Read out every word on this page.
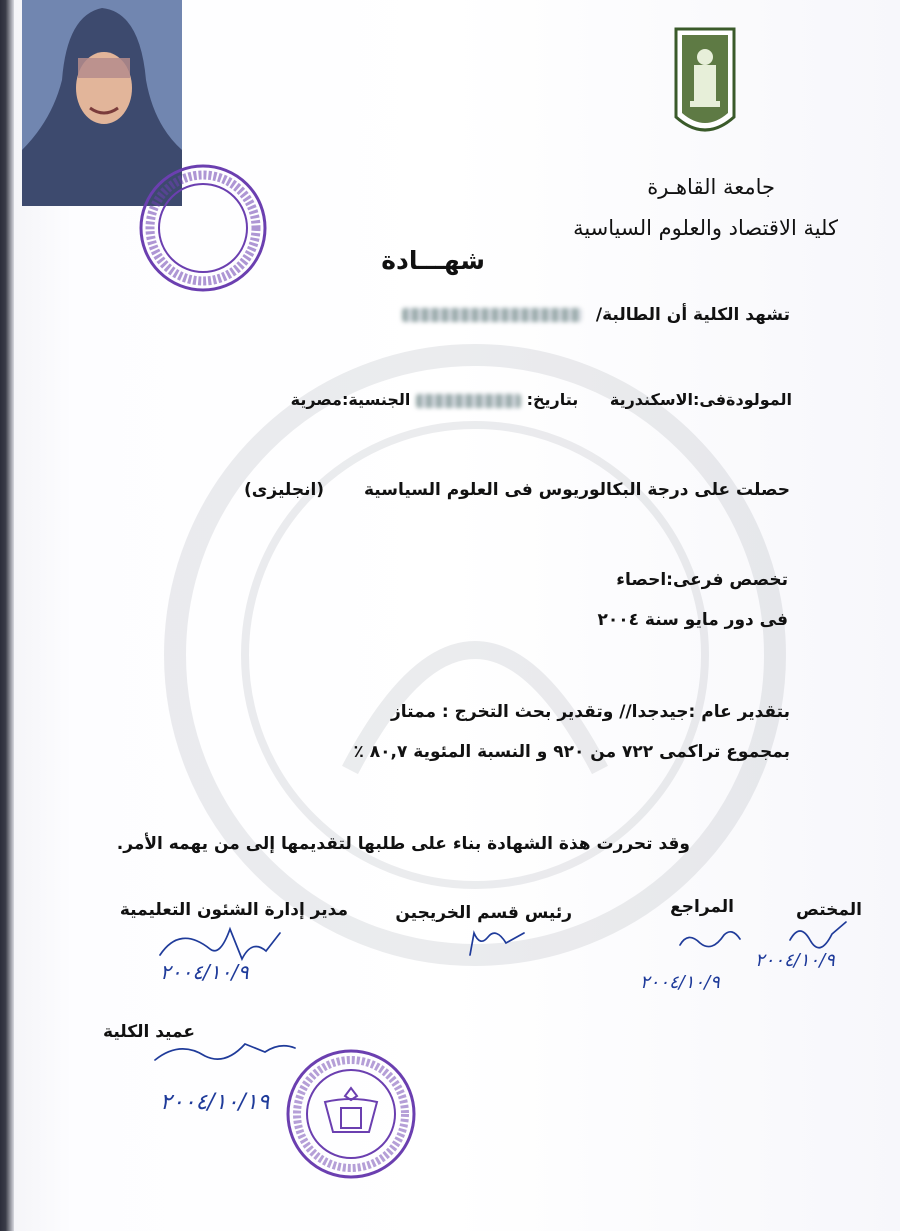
جامعة القاهـرة
كلية الاقتصاد والعلوم السياسية
شهـــادة
تشهد الكلية أن الطالبة/
المولودةفى:الاسكندرية بتاريخ:  الجنسية:مصرية
حصلت على درجة البكالوريوس فى العلوم السياسية (انجليزى)
تخصص فرعى:احصاء
فى دور مايو سنة ٢٠٠٤
بتقدير عام :جيدجدا// وتقدير بحث التخرج : ممتاز
بمجموع تراكمى ٧٢٢ من ٩٢٠ و النسبة المئوية ٨٠,٧ ٪
وقد تحررت هذة الشهادة بناء على طلبها لتقديمها إلى من يهمه الأمر.
المختص
المراجع
رئيس قسم الخريجين
مدير إدارة الشئون التعليمية
عميد الكلية
٢٠٠٤/١٠/٩
٢٠٠٤/١٠/٩
٢٠٠٤/١٠/٩
٢٠٠٤/١٠/١٩
